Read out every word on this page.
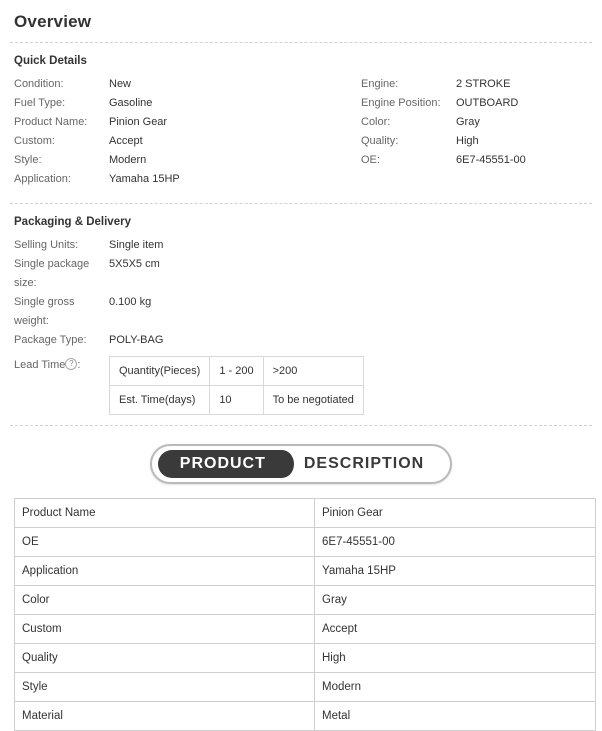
Overview
Quick Details
Condition:	New
Fuel Type:	Gasoline
Product Name:	Pinion Gear
Custom:	Accept
Style:	Modern
Application:	Yamaha 15HP
Engine:	2 STROKE
Engine Position:	OUTBOARD
Color:	Gray
Quality:	High
OE:	6E7-45551-00
Packaging & Delivery
Selling Units:	Single item
Single package size:
5X5X5 cm
Single gross weight:
0.100 kg
Package Type:	POLY-BAG
Lead Time ? :	Quantity(Pieces)	1 - 200	>200
Est. Time(days)	10	To be negotiated
PRODUCT	DESCRIPTION
Product Name	Pinion Gear
OE	6E7-45551-00
Application	Yamaha 15HP
Color	Gray
Custom	Accept
Quality	High
Style	Modern
Material	Metal
